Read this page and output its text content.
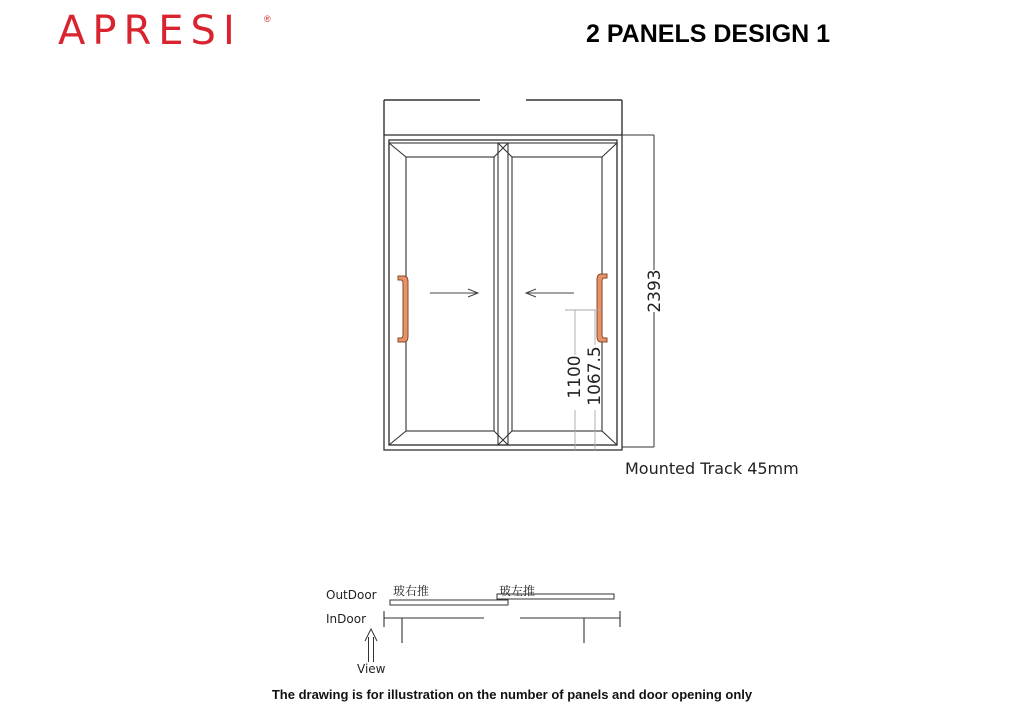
APRESI ®
2 PANELS DESIGN 1
2393
1100 1067.5
Mounted Track 45mm
OutDoor
InDoor
玻右推	玻左推
View
The drawing is for illustration on the number of panels and door opening only
